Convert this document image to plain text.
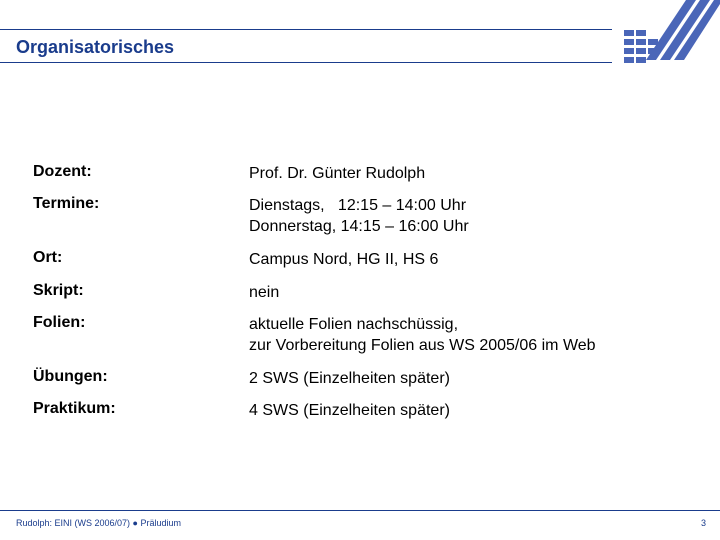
Organisatorisches
Dozent:	Prof. Dr. Günter Rudolph
Termine:	Dienstags,   12:15 – 14:00 Uhr
Donnerstag, 14:15 – 16:00 Uhr
Ort:	Campus Nord, HG II, HS 6
Skript:	nein
Folien:	aktuelle Folien nachschüssig,
zur Vorbereitung Folien aus WS 2005/06 im Web
Übungen:	2 SWS (Einzelheiten später)
Praktikum:	4 SWS (Einzelheiten später)
Rudolph: EINI (WS 2006/07) ● Präludium	3
